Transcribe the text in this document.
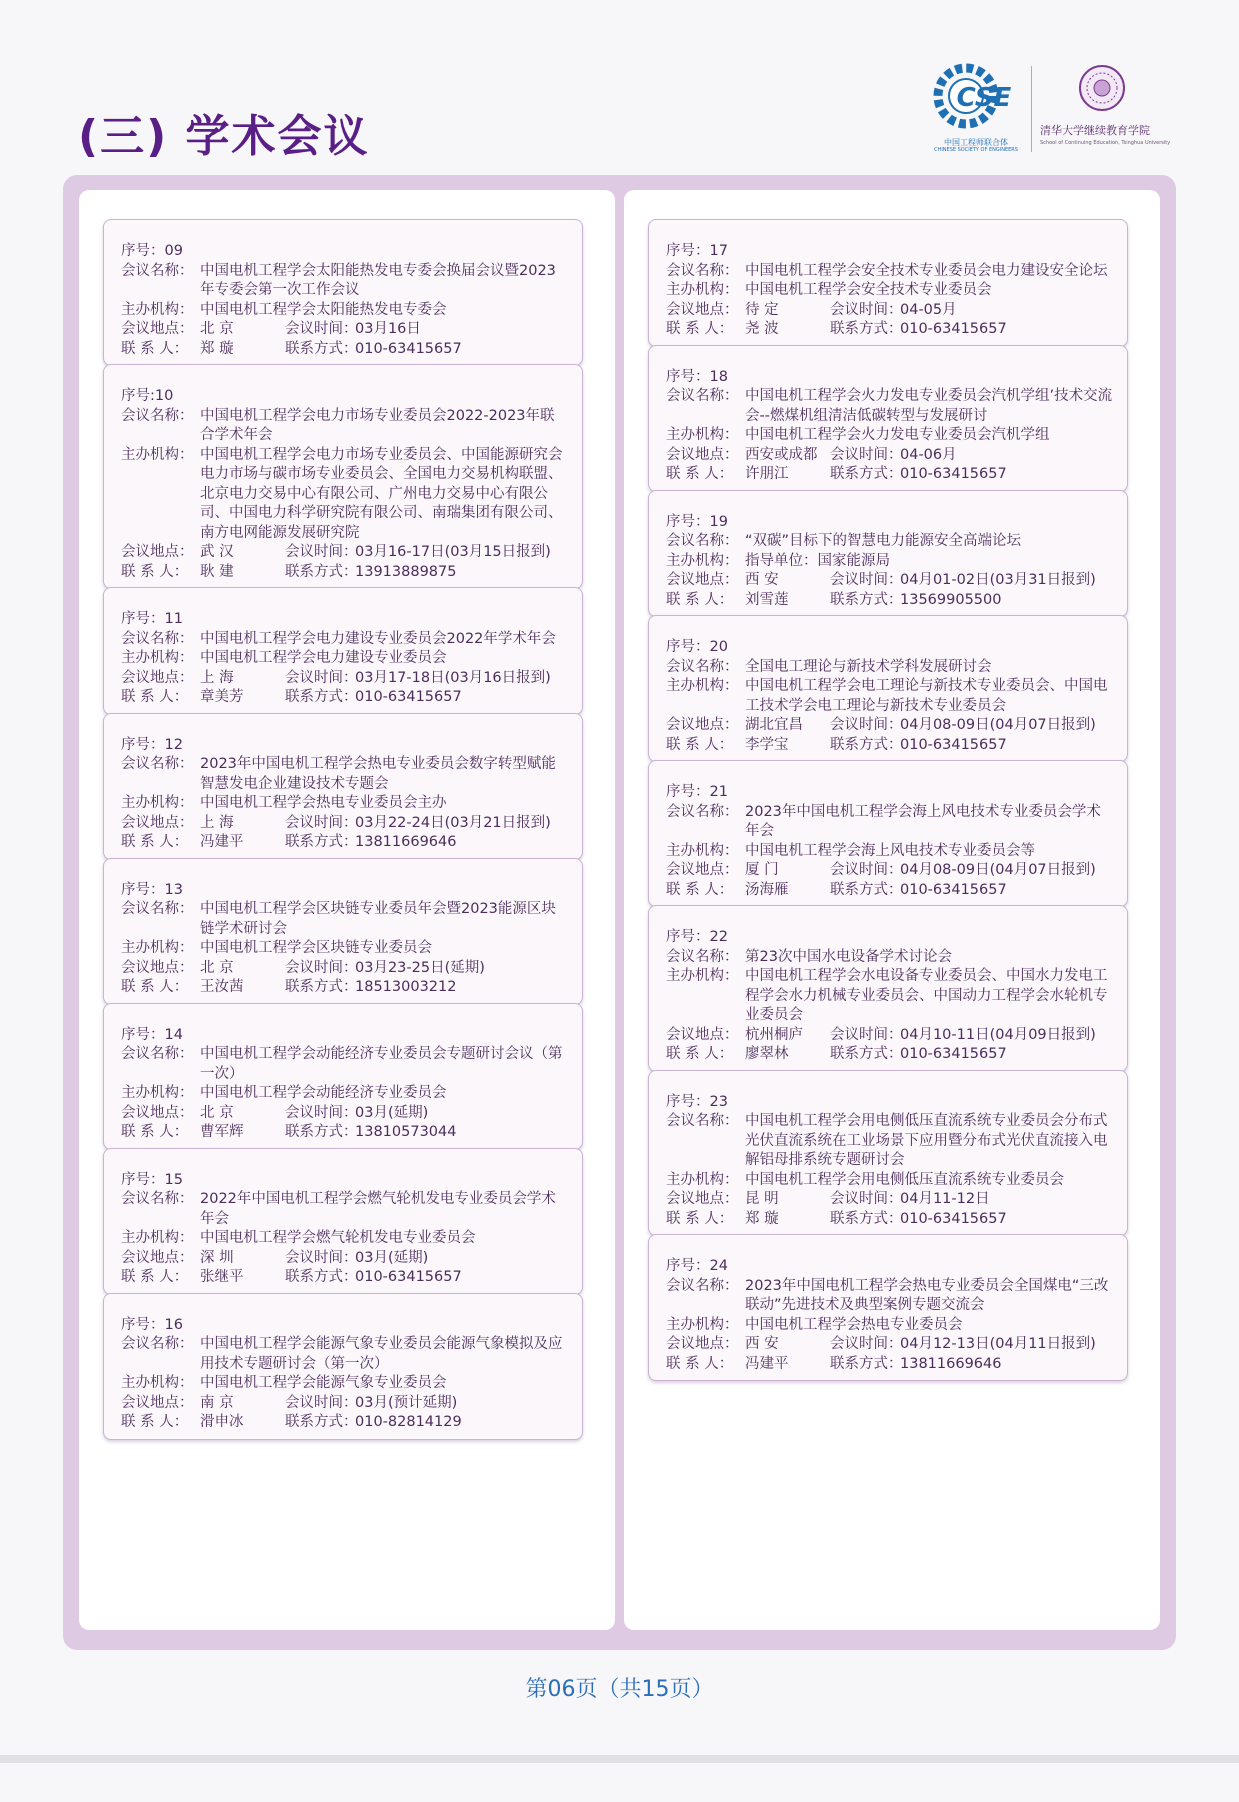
(三) 学术会议
CSE
中国工程师联合体
CHINESE SOCIETY OF ENGINEERS
清华大学继续教育学院
School of Continuing Education, Tsinghua University
序号：09
会议名称： 中国电机工程学会太阳能热发电专委会换届会议暨2023年专委会第一次工作会议
主办机构： 中国电机工程学会太阳能热发电专委会
会议地点： 北 京	会议时间：
03月16日
联 系 人： 郑 璇	联系方式：
010-63415657
序号:10
会议名称： 中国电机工程学会电力市场专业委员会2022-2023年联合学术年会
主办机构： 中国电机工程学会电力市场专业委员会、中国能源研究会电力市场与碳市场专业委员会、全国电力交易机构联盟、北京电力交易中心有限公司、广州电力交易中心有限公司、中国电力科学研究院有限公司、南瑞集团有限公司、南方电网能源发展研究院
会议地点： 武 汉	会议时间：
03月16-17日(03月15日报到)
联 系 人： 耿 建	联系方式：
13913889875
序号：11
会议名称： 中国电机工程学会电力建设专业委员会2022年学术年会
主办机构： 中国电机工程学会电力建设专业委员会
会议地点： 上 海	会议时间：
03月17-18日(03月16日报到)
联 系 人： 章美芳	联系方式：
010-63415657
序号：12
会议名称： 2023年中国电机工程学会热电专业委员会数字转型赋能智慧发电企业建设技术专题会
主办机构： 中国电机工程学会热电专业委员会主办
会议地点： 上 海	会议时间：
03月22-24日(03月21日报到)
联 系 人： 冯建平	联系方式：
13811669646
序号：13
会议名称： 中国电机工程学会区块链专业委员年会暨2023能源区块链学术研讨会
主办机构： 中国电机工程学会区块链专业委员会
会议地点： 北 京	会议时间：
03月23-25日(延期)
联 系 人： 王汝茜	联系方式：
18513003212
序号：14
会议名称： 中国电机工程学会动能经济专业委员会专题研讨会议（第一次）
主办机构： 中国电机工程学会动能经济专业委员会
会议地点： 北 京	会议时间：
03月(延期)
联 系 人： 曹军辉	联系方式：
13810573044
序号：15
会议名称： 2022年中国电机工程学会燃气轮机发电专业委员会学术年会
主办机构： 中国电机工程学会燃气轮机发电专业委员会
会议地点： 深 圳	会议时间：
03月(延期)
联 系 人： 张继平	联系方式：
010-63415657
序号：16
会议名称： 中国电机工程学会能源气象专业委员会能源气象模拟及应用技术专题研讨会（第一次）
主办机构： 中国电机工程学会能源气象专业委员会
会议地点： 南 京	会议时间：
03月(预计延期)
联 系 人： 滑申冰	联系方式：
010-82814129
序号：17
会议名称： 中国电机工程学会安全技术专业委员会电力建设安全论坛
主办机构： 中国电机工程学会安全技术专业委员会
会议地点： 待 定	会议时间：
04-05月
联 系 人： 尧 波	联系方式：
010-63415657
序号：18
会议名称： 中国电机工程学会火力发电专业委员会汽机学组’技术交流会--燃煤机组清洁低碳转型与发展研讨
主办机构： 中国电机工程学会火力发电专业委员会汽机学组
会议地点： 西安或成都 会议时间：
04-06月
联 系 人： 许朋江	联系方式：
010-63415657
序号：19
会议名称： “双碳”目标下的智慧电力能源安全高端论坛
主办机构： 指导单位：国家能源局
会议地点： 西 安	会议时间：
04月01-02日(03月31日报到)
联 系 人： 刘雪莲	联系方式：
13569905500
序号：20
会议名称： 全国电工理论与新技术学科发展研讨会
主办机构： 中国电机工程学会电工理论与新技术专业委员会、中国电工技术学会电工理论与新技术专业委员会
会议地点： 湖北宜昌	会议时间：
04月08-09日(04月07日报到)
联 系 人： 李学宝	联系方式：
010-63415657
序号：21
会议名称： 2023年中国电机工程学会海上风电技术专业委员会学术年会
主办机构： 中国电机工程学会海上风电技术专业委员会等
会议地点： 厦 门	会议时间：
04月08-09日(04月07日报到)
联 系 人： 汤海雁	联系方式：
010-63415657
序号：22
会议名称： 第23次中国水电设备学术讨论会
主办机构： 中国电机工程学会水电设备专业委员会、中国水力发电工程学会水力机械专业委员会、中国动力工程学会水轮机专业委员会
会议地点： 杭州桐庐	会议时间：
04月10-11日(04月09日报到)
联 系 人： 廖翠林	联系方式：
010-63415657
序号：23
会议名称： 中国电机工程学会用电侧低压直流系统专业委员会分布式光伏直流系统在工业场景下应用暨分布式光伏直流接入电解铝母排系统专题研讨会
主办机构： 中国电机工程学会用电侧低压直流系统专业委员会
会议地点： 昆 明	会议时间：
04月11-12日
联 系 人： 郑 璇	联系方式：
010-63415657
序号：24
会议名称： 2023年中国电机工程学会热电专业委员会全国煤电“三改联动”先进技术及典型案例专题交流会
主办机构： 中国电机工程学会热电专业委员会
会议地点： 西 安	会议时间：
04月12-13日(04月11日报到)
联 系 人： 冯建平	联系方式：
13811669646
第06页（共15页）
